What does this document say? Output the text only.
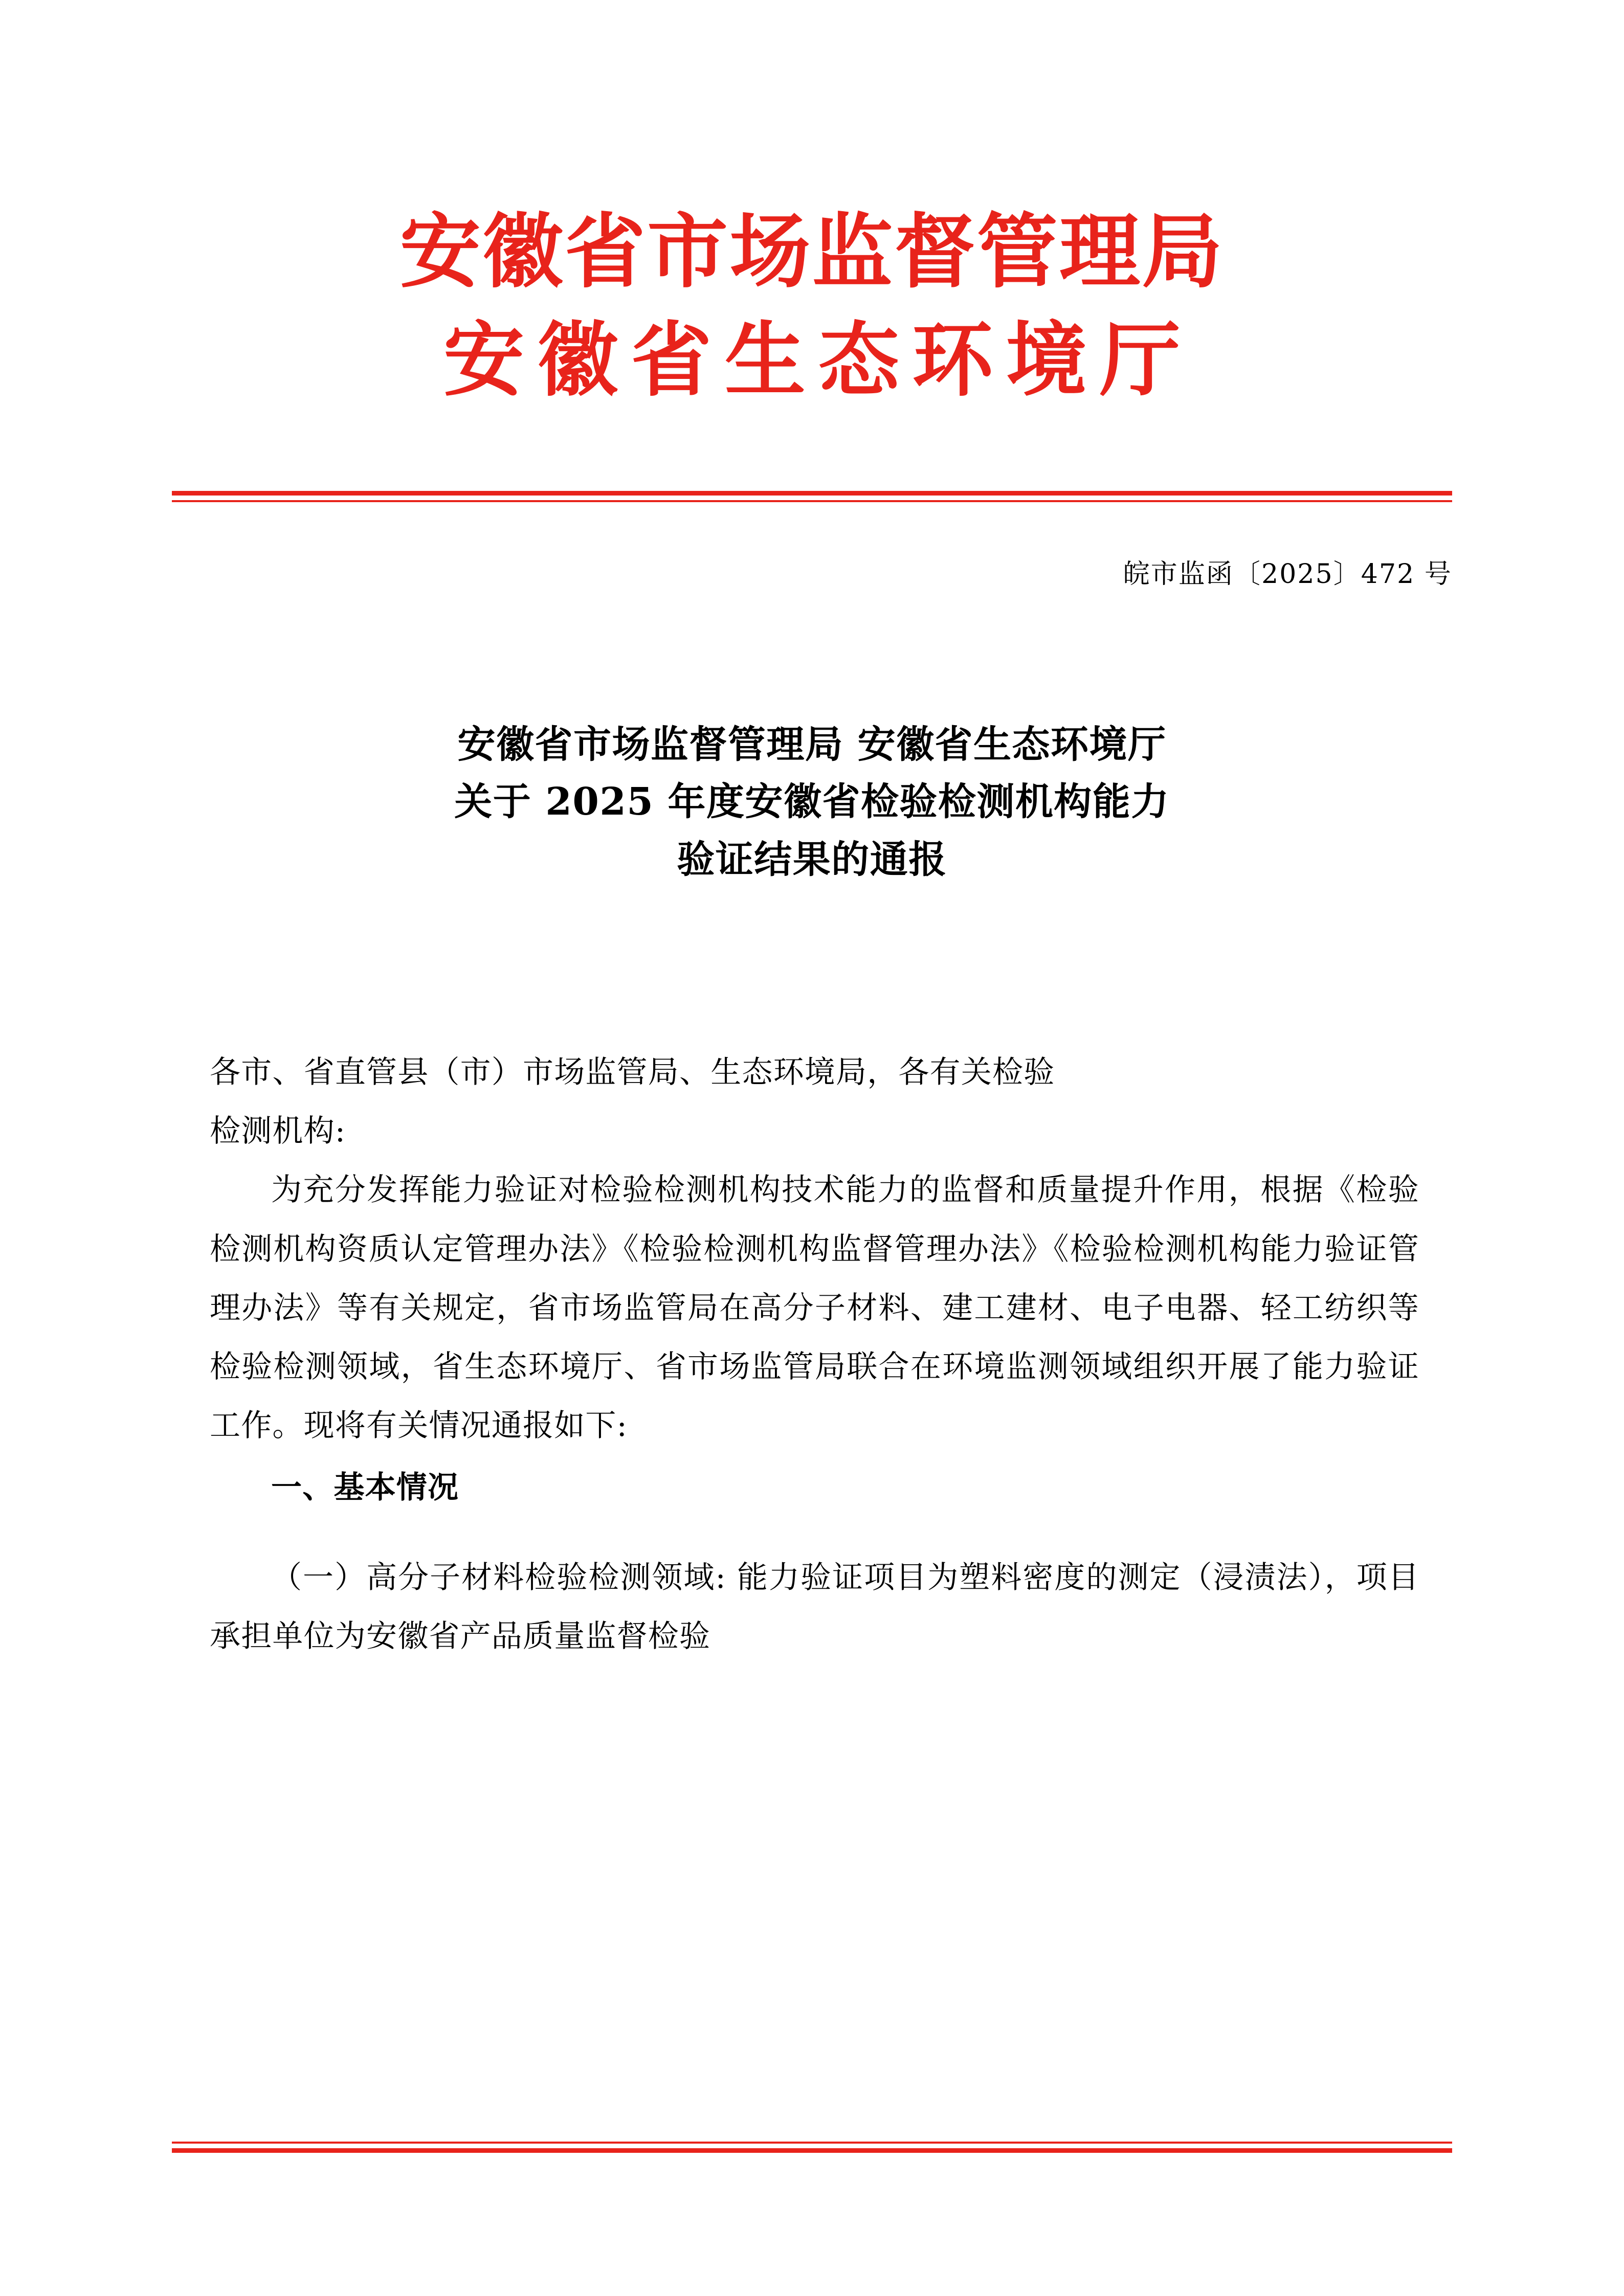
安徽省市场监督管理局
安徽省生态环境厅
皖市监函〔2025〕472 号
安徽省市场监督管理局 安徽省生态环境厅
关于 2025 年度安徽省检验检测机构能力
验证结果的通报

各市、省直管县（市）市场监管局、生态环境局，各有关检验

检测机构:

为充分发挥能力验证对检验检测机构技术能力的监督和质量提升作用，根据《检验检测机构资质认定管理办法》《检验检测机构监督管理办法》《检验检测机构能力验证管理办法》等有关规定，省市场监管局在高分子材料、建工建材、电子电器、轻工纺织等检验检测领域，省生态环境厅、省市场监管局联合在环境监测领域组织开展了能力验证工作。现将有关情况通报如下:

一、基本情况

（一）高分子材料检验检测领域: 能力验证项目为塑料密度的测定（浸渍法），项目承担单位为安徽省产品质量监督检验
